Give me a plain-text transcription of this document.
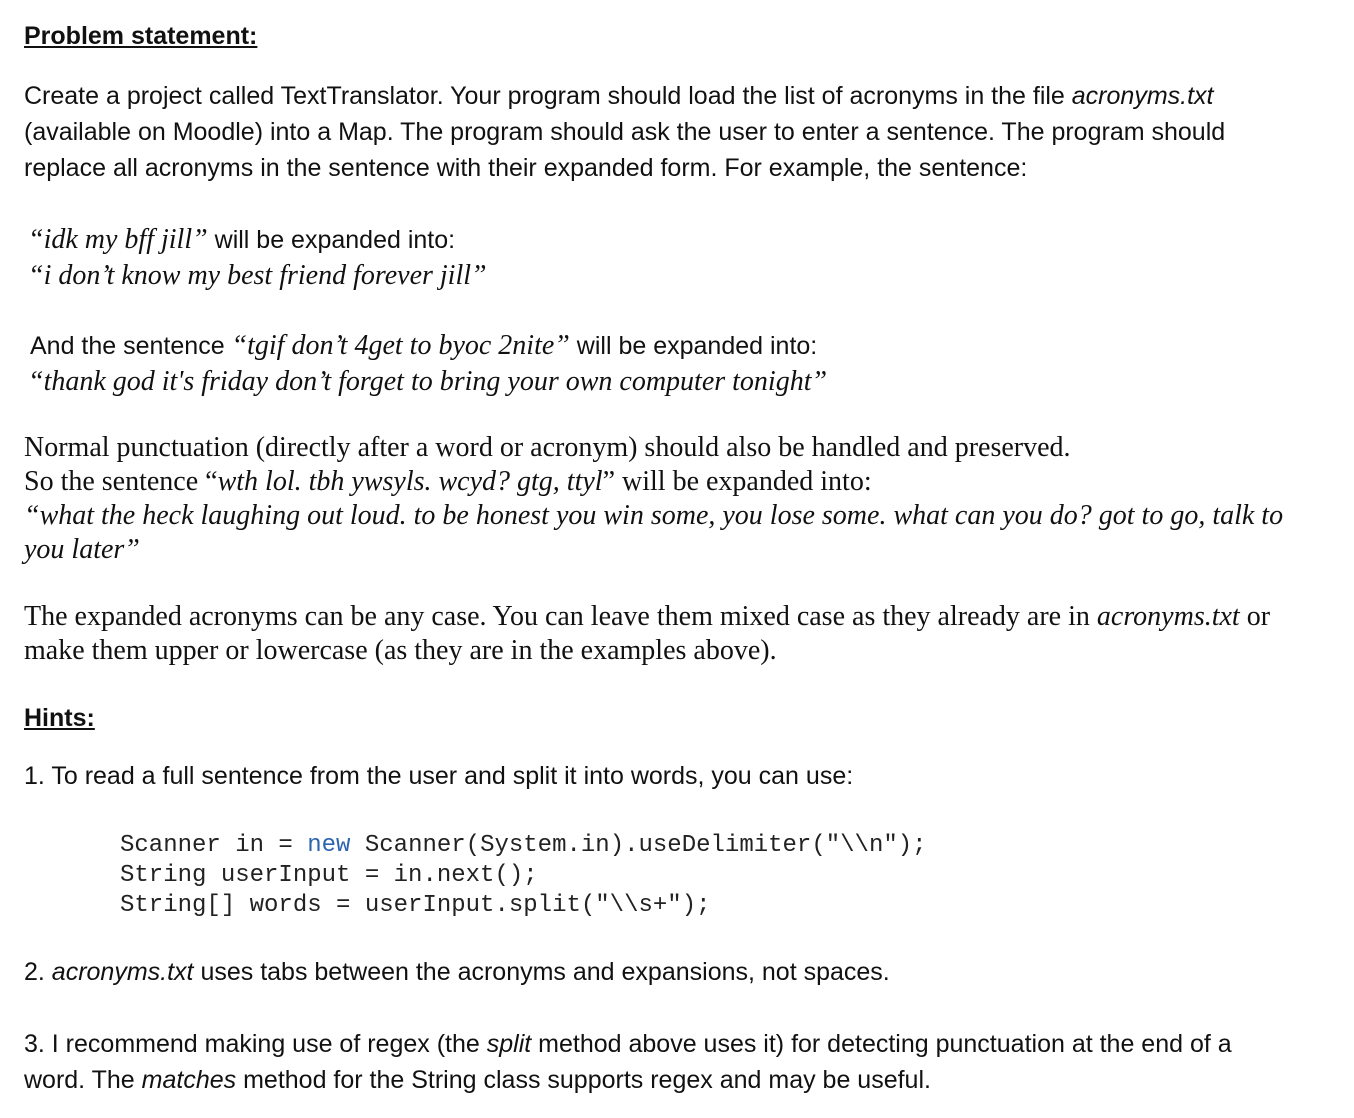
Problem statement:
Create a project called TextTranslator. Your program should load the list of acronyms in the file acronyms.txt
(available on Moodle) into a Map. The program should ask the user to enter a sentence. The program should
replace all acronyms in the sentence with their expanded form. For example, the sentence:
“idk my bff jill” will be expanded into:
“i don’t know my best friend forever jill”
And the sentence “tgif don’t 4get to byoc 2nite” will be expanded into:
“thank god it's friday don’t forget to bring your own computer tonight”
Normal punctuation (directly after a word or acronym) should also be handled and preserved.
So the sentence “wth lol. tbh ywsyls. wcyd? gtg, ttyl” will be expanded into:
“what the heck laughing out loud. to be honest you win some, you lose some. what can you do? got to go, talk to
you later”
The expanded acronyms can be any case. You can leave them mixed case as they already are in acronyms.txt or
make them upper or lowercase (as they are in the examples above).
Hints:
1. To read a full sentence from the user and split it into words, you can use:
Scanner in = new Scanner(System.in).useDelimiter("\\n");
String userInput = in.next();
String[] words = userInput.split("\\s+");
2. acronyms.txt uses tabs between the acronyms and expansions, not spaces.
3. I recommend making use of regex (the split method above uses it) for detecting punctuation at the end of a
word. The matches method for the String class supports regex and may be useful.
